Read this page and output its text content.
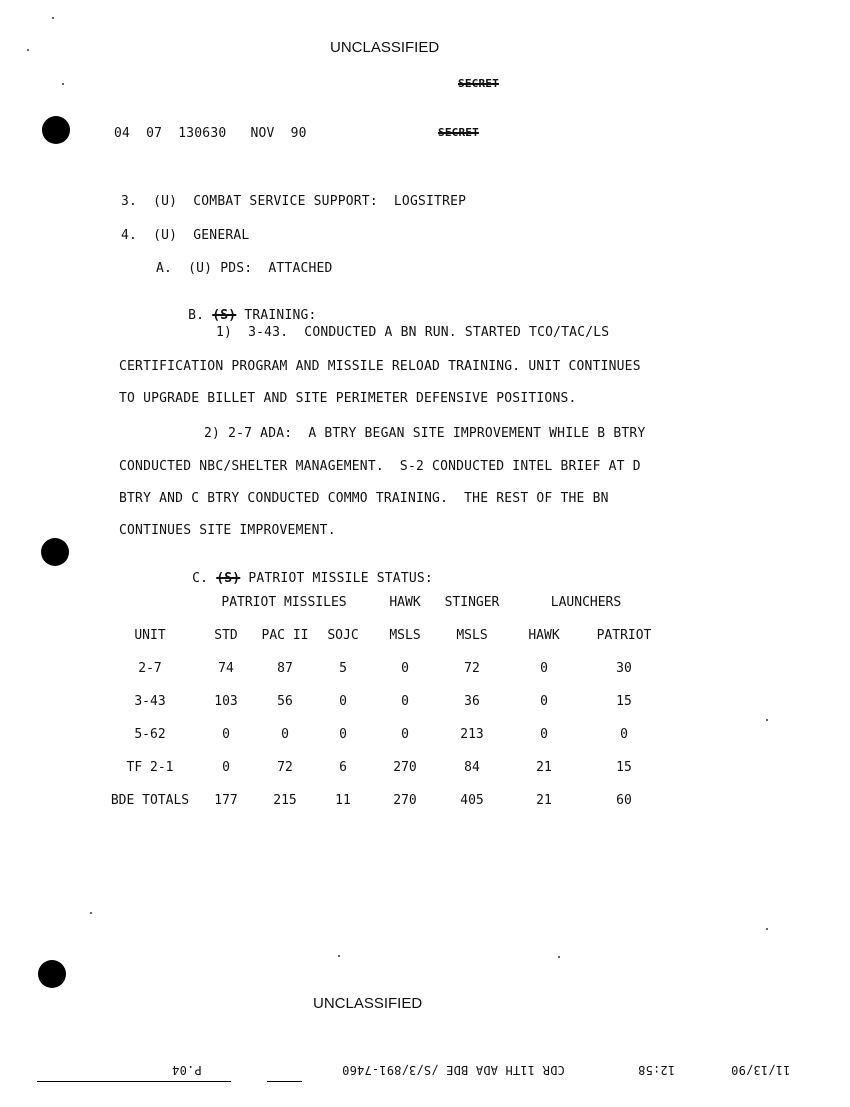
UNCLASSIFIED
SECRET
04  07  130630   NOV  90	SECRET
3.  (U)  COMBAT SERVICE SUPPORT:  LOGSITREP
4.  (U)  GENERAL
A.  (U) PDS:  ATTACHED

B. (S) TRAINING:

1)  3-43.  CONDUCTED A BN RUN. STARTED TCO/TAC/LS
CERTIFICATION PROGRAM AND MISSILE RELOAD TRAINING. UNIT CONTINUES
TO UPGRADE BILLET AND SITE PERIMETER DEFENSIVE POSITIONS.
2) 2-7 ADA:  A BTRY BEGAN SITE IMPROVEMENT WHILE B BTRY
CONDUCTED NBC/SHELTER MANAGEMENT.  S-2 CONDUCTED INTEL BRIEF AT D
BTRY AND C BTRY CONDUCTED COMMO TRAINING.  THE REST OF THE BN
CONTINUES SITE IMPROVEMENT.

C. (S) PATRIOT MISSILE STATUS:

	PATRIOT MISSILES			HAWK	STINGER	LAUNCHERS	
UNIT	STD	PAC II	SOJC	MSLS	MSLS	HAWK	PATRIOT
2-7	74	87	5	0	72	0	30
3-43	103	56	0	0	36	0	15
5-62	0	0	0	0	213	0	0
TF 2-1	0	72	6	270	84	21	15
BDE TOTALS	177	215	11	270	405	21	60
UNCLASSIFIED
P.04	CDR 11TH ADA BDE /S/3/891-7460	12:58	11/13/90
